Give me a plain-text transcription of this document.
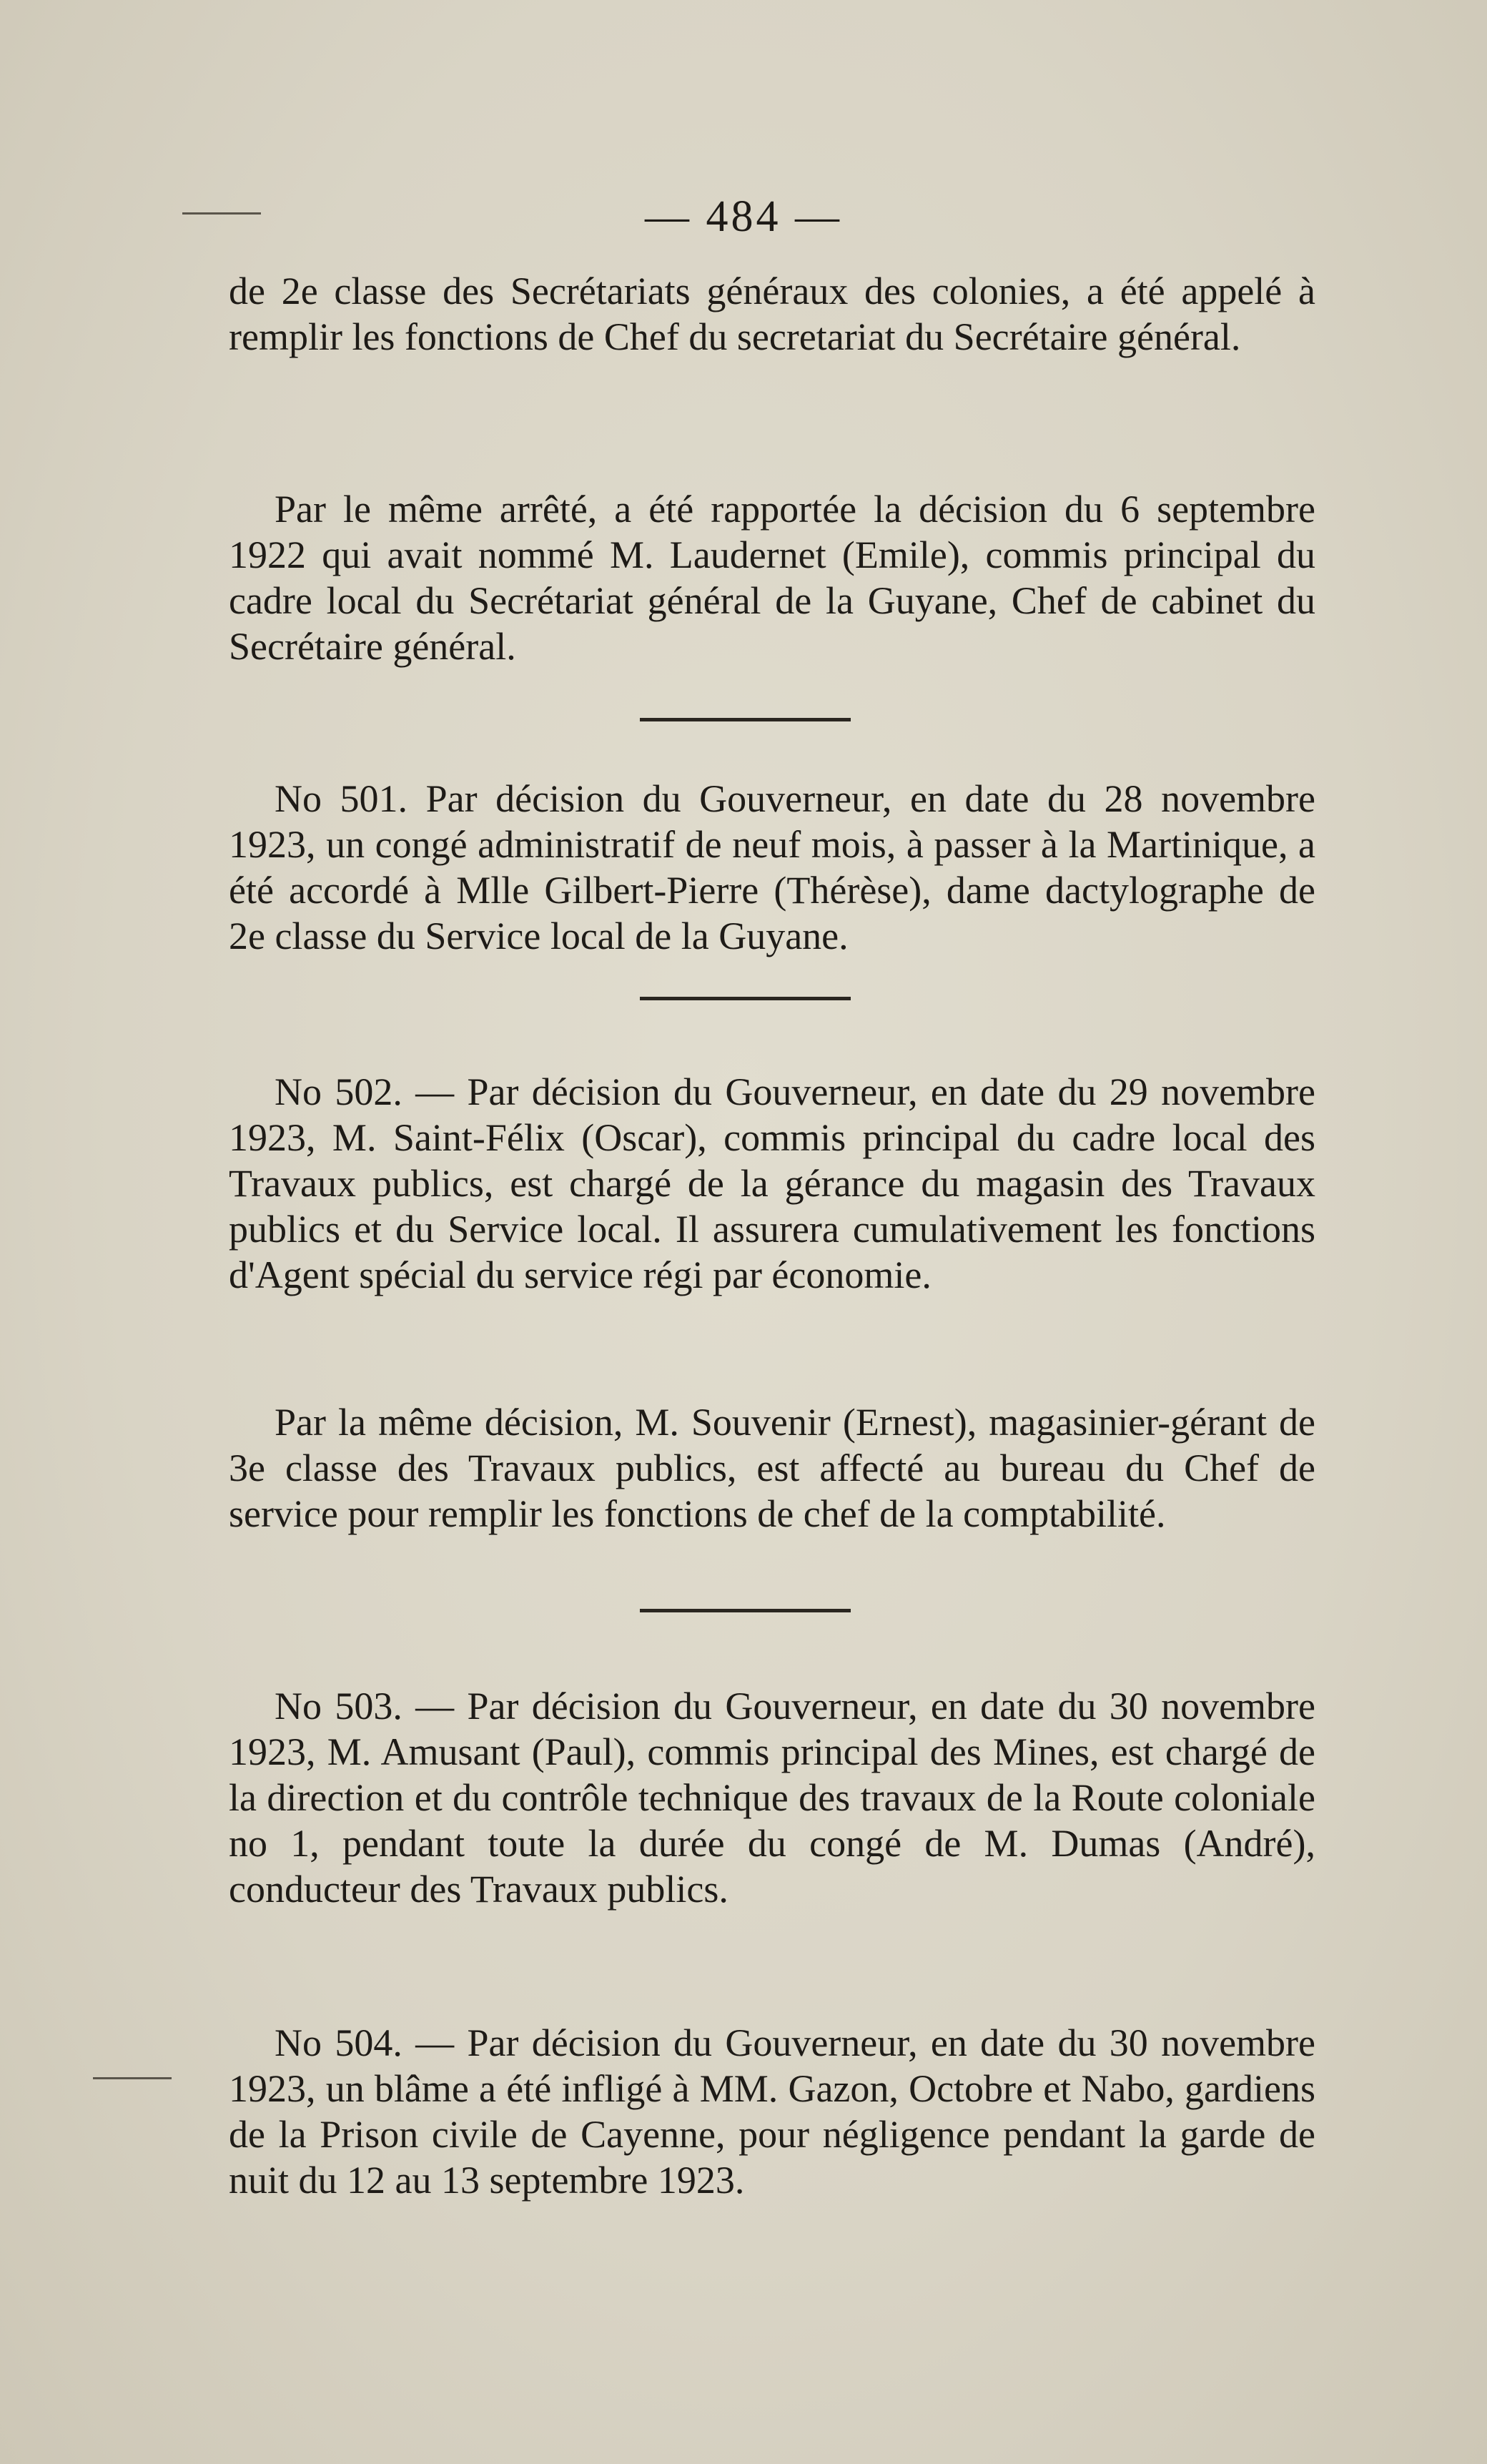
— 484 —

de 2e classe des Secrétariats généraux des colonies, a été appelé à remplir les fonctions de Chef du secretariat du Secrétaire général.

Par le même arrêté, a été rapportée la décision du 6 septembre 1922 qui avait nommé M. Laudernet (Emile), commis principal du cadre local du Secrétariat général de la Guyane, Chef de cabinet du Secrétaire général.

No 501. Par décision du Gouverneur, en date du 28 novembre 1923, un congé administratif de neuf mois, à passer à la Martinique, a été accordé à Mlle Gilbert-Pierre (Thérèse), dame dactylographe de 2e classe du Service local de la Guyane.

No 502. — Par décision du Gouverneur, en date du 29 novembre 1923, M. Saint-Félix (Oscar), commis principal du cadre local des Travaux publics, est chargé de la gérance du magasin des Travaux publics et du Service local. Il assurera cumulativement les fonctions d'Agent spécial du service régi par économie.

Par la même décision, M. Souvenir (Ernest), magasinier-gérant de 3e classe des Travaux publics, est affecté au bureau du Chef de service pour remplir les fonctions de chef de la comptabilité.

No 503. — Par décision du Gouverneur, en date du 30 novembre 1923, M. Amusant (Paul), commis principal des Mines, est chargé de la direction et du contrôle technique des travaux de la Route coloniale no 1, pendant toute la durée du congé de M. Dumas (André), conducteur des Travaux publics.

No 504. — Par décision du Gouverneur, en date du 30 novembre 1923, un blâme a été infligé à MM. Gazon, Octobre et Nabo, gardiens de la Prison civile de Cayenne, pour négligence pendant la garde de nuit du 12 au 13 septembre 1923.
